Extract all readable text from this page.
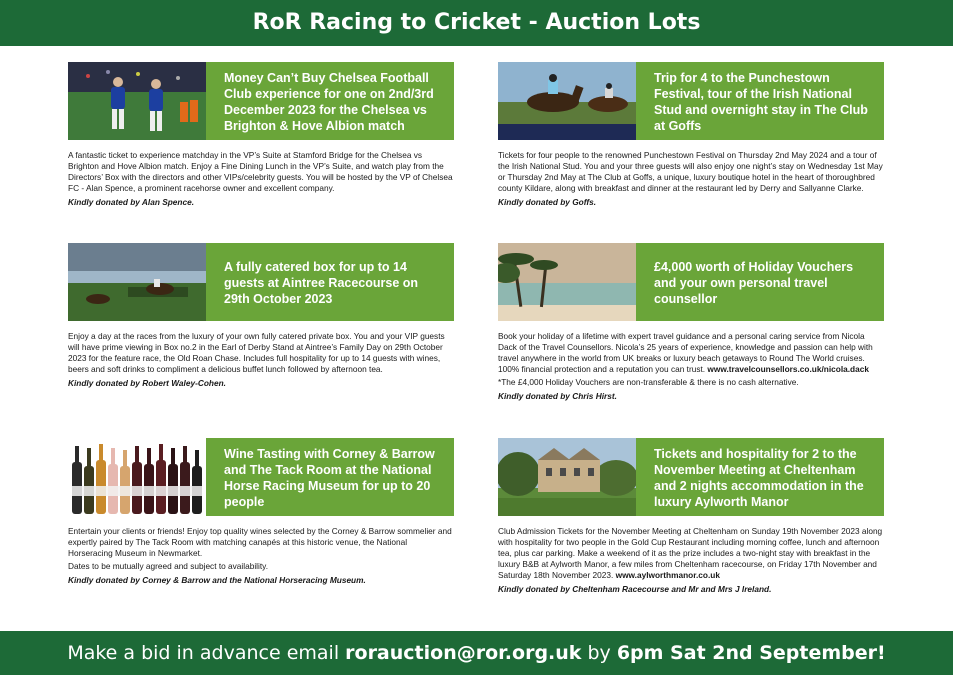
RoR Racing to Cricket - Auction Lots
Money Can’t Buy Chelsea Football Club experience for one on 2nd/3rd December 2023 for the Chelsea vs Brighton & Hove Albion match

A fantastic ticket to experience matchday in the VP’s Suite at Stamford Bridge for the Chelsea vs Brighton and Hove Albion match. Enjoy a Fine Dining Lunch in the VP’s Suite, and watch play from the Directors’ Box with the directors and other VIPs/celebrity guests. You will be hosted by the VP of Chelsea FC - Alan Spence, a prominent racehorse owner and excellent company.

Kindly donated by Alan Spence.
Trip for 4 to the Punchestown Festival, tour of the Irish National Stud and overnight stay in The Club at Goffs

Tickets for four people to the renowned Punchestown Festival on Thursday 2nd May 2024 and a tour of the Irish National Stud. You and your three guests will also enjoy one night’s stay on Wednesday 1st May or Thursday 2nd May at The Club at Goffs, a unique, luxury boutique hotel in the heart of thoroughbred county Kildare, along with breakfast and dinner at the restaurant led by Derry and Sallyanne Clarke.

Kindly donated by Goffs.
A fully catered box for up to 14 guests at Aintree Racecourse on 29th October 2023

Enjoy a day at the races from the luxury of your own fully catered private box. You and your VIP guests will have prime viewing in Box no.2 in the Earl of Derby Stand at Aintree’s Family Day on 29th October 2023 for the feature race, the Old Roan Chase. Includes full hospitality for up to 14 guests with wines, beers and soft drinks to compliment a delicious buffet lunch followed by afternoon tea.

Kindly donated by Robert Waley-Cohen.
£4,000 worth of Holiday Vouchers and your own personal travel counsellor

Book your holiday of a lifetime with expert travel guidance and a personal caring service from Nicola Dack of the Travel Counsellors. Nicola’s 25 years of experience, knowledge and passion can help with travel anywhere in the world from UK breaks or luxury beach getaways to Round The World cruises. 100% financial protection and a reputation you can trust. www.travelcounsellors.co.uk/nicola.dack

*The £4,000 Holiday Vouchers are non-transferable & there is no cash alternative.

Kindly donated by Chris Hirst.
Wine Tasting with Corney & Barrow and The Tack Room at the National Horse Racing Museum for up to 20 people

Entertain your clients or friends! Enjoy top quality wines selected by the Corney & Barrow sommelier and expertly paired by The Tack Room with matching canapés at this historic venue, the National Horseracing Museum in Newmarket.

Dates to be mutually agreed and subject to availability.

Kindly donated by Corney & Barrow and the National Horseracing Museum.
Tickets and hospitality for 2 to the November Meeting at Cheltenham and 2 nights accommodation in the luxury Aylworth Manor

Club Admission Tickets for the November Meeting at Cheltenham on Sunday 19th November 2023 along with hospitality for two people in the Gold Cup Restaurant including morning coffee, lunch and afternoon tea, plus car parking. Make a weekend of it as the prize includes a two-night stay with breakfast in the luxury B&B at Aylworth Manor, a few miles from Cheltenham racecourse, on Friday 17th November and Saturday 18th November 2023. www.aylworthmanor.co.uk

Kindly donated by Cheltenham Racecourse and Mr and Mrs J Ireland.
Make a bid in advance email rorauction@ror.org.uk by 6pm Sat 2nd September!
